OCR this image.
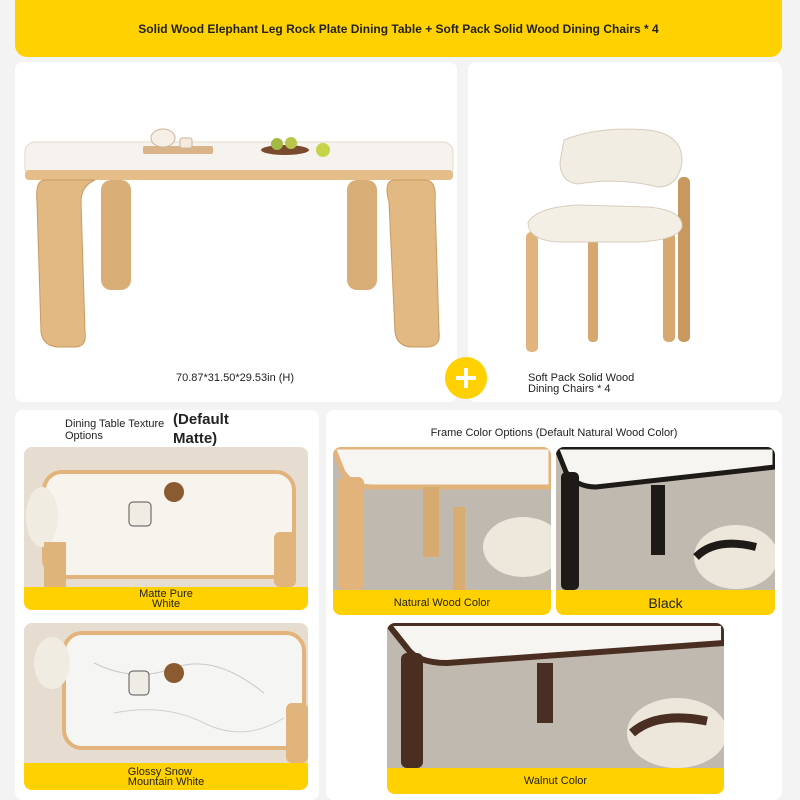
Solid Wood Elephant Leg Rock Plate Dining Table + Soft Pack Solid Wood Dining Chairs * 4
70.87*31.50*29.53in (H)	Soft Pack Solid Wood
Dining Chairs * 4
Dining Table Texture
Options
(Default
Matte)
Matte Pure
White
Glossy Snow
Mountain White
Frame Color Options (Default Natural Wood Color)
Natural Wood Color	Black
Walnut Color
